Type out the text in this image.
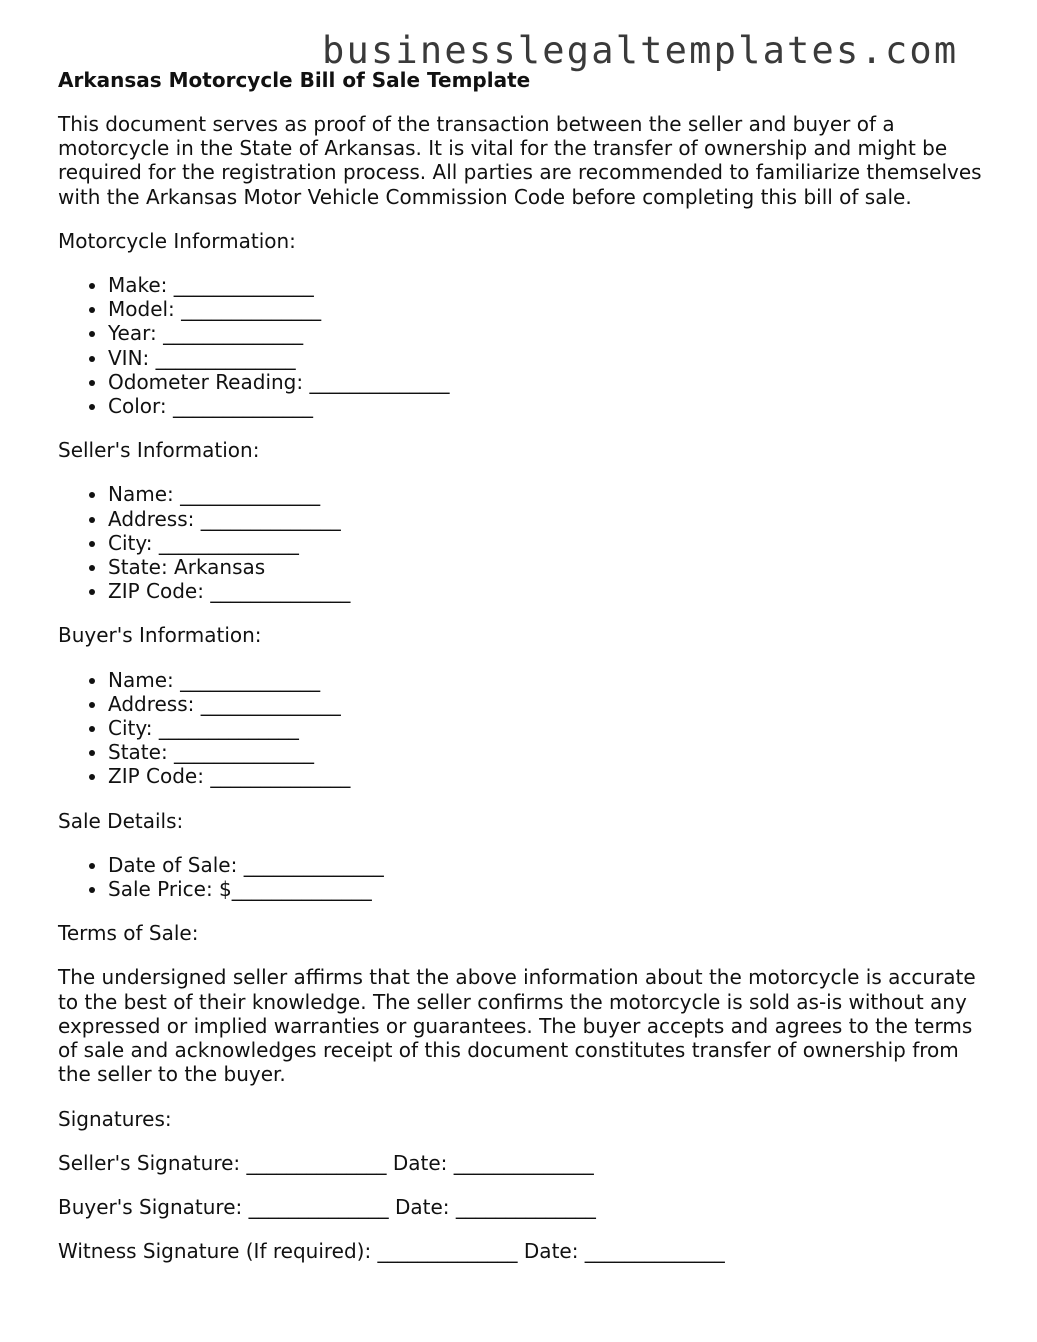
businesslegaltemplates.com
Arkansas Motorcycle Bill of Sale Template

This document serves as proof of the transaction between the seller and buyer of a motorcycle in the State of Arkansas. It is vital for the transfer of ownership and might be required for the registration process. All parties are recommended to familiarize themselves with the Arkansas Motor Vehicle Commission Code before completing this bill of sale.

Motorcycle Information:

• Make: ______________
• Model: ______________
• Year: ______________
• VIN: ______________
• Odometer Reading: ______________
• Color: ______________

Seller's Information:

• Name: ______________
• Address: ______________
• City: ______________
• State: Arkansas
• ZIP Code: ______________

Buyer's Information:

• Name: ______________
• Address: ______________
• City: ______________
• State: ______________
• ZIP Code: ______________

Sale Details:

• Date of Sale: ______________
• Sale Price: $______________

Terms of Sale:

The undersigned seller affirms that the above information about the motorcycle is accurate to the best of their knowledge. The seller confirms the motorcycle is sold as-is without any expressed or implied warranties or guarantees. The buyer accepts and agrees to the terms of sale and acknowledges receipt of this document constitutes transfer of ownership from the seller to the buyer.

Signatures:

Seller's Signature: ______________ Date: ______________

Buyer's Signature: ______________ Date: ______________

Witness Signature (If required): ______________ Date: ______________
